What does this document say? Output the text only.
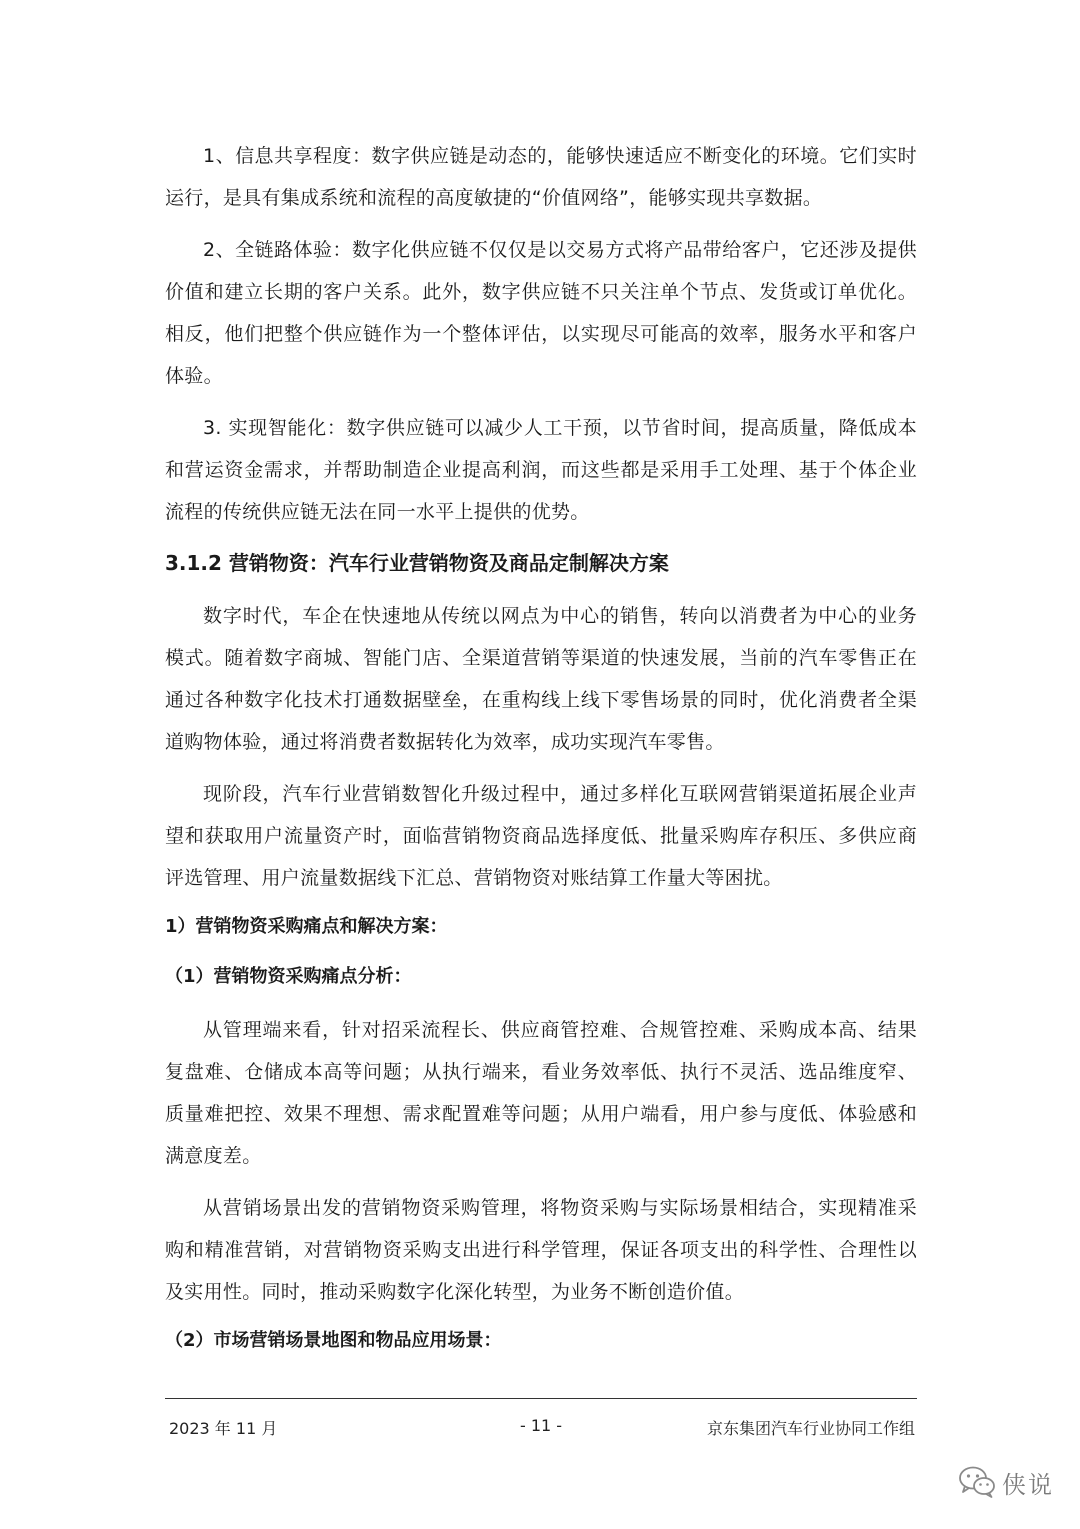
1、信息共享程度：数字供应链是动态的，能够快速适应不断变化的环境。它们实时运行，是具有集成系统和流程的高度敏捷的“价值网络”，能够实现共享数据。

2、全链路体验：数字化供应链不仅仅是以交易方式将产品带给客户，它还涉及提供价值和建立长期的客户关系。此外，数字供应链不只关注单个节点、发货或订单优化。相反，他们把整个供应链作为一个整体评估，以实现尽可能高的效率，服务水平和客户体验。

3. 实现智能化：数字供应链可以减少人工干预，以节省时间，提高质量，降低成本和营运资金需求，并帮助制造企业提高利润，而这些都是采用手工处理、基于个体企业流程的传统供应链无法在同一水平上提供的优势。

3.1.2 营销物资：汽车行业营销物资及商品定制解决方案

数字时代，车企在快速地从传统以网点为中心的销售，转向以消费者为中心的业务模式。随着数字商城、智能门店、全渠道营销等渠道的快速发展，当前的汽车零售正在通过各种数字化技术打通数据壁垒，在重构线上线下零售场景的同时，优化消费者全渠道购物体验，通过将消费者数据转化为效率，成功实现汽车零售。

现阶段，汽车行业营销数智化升级过程中，通过多样化互联网营销渠道拓展企业声望和获取用户流量资产时，面临营销物资商品选择度低、批量采购库存积压、多供应商评选管理、用户流量数据线下汇总、营销物资对账结算工作量大等困扰。

1）营销物资采购痛点和解决方案：
（1）营销物资采购痛点分析：

从管理端来看，针对招采流程长、供应商管控难、合规管控难、采购成本高、结果复盘难、仓储成本高等问题；从执行端来，看业务效率低、执行不灵活、选品维度窄、质量难把控、效果不理想、需求配置难等问题；从用户端看，用户参与度低、体验感和满意度差。

从营销场景出发的营销物资采购管理，将物资采购与实际场景相结合，实现精准采购和精准营销，对营销物资采购支出进行科学管理，保证各项支出的科学性、合理性以及实用性。同时，推动采购数字化深化转型，为业务不断创造价值。

（2）市场营销场景地图和物品应用场景：
2023 年 11 月	- 11 -	京东集团汽车行业协同工作组
侠说
